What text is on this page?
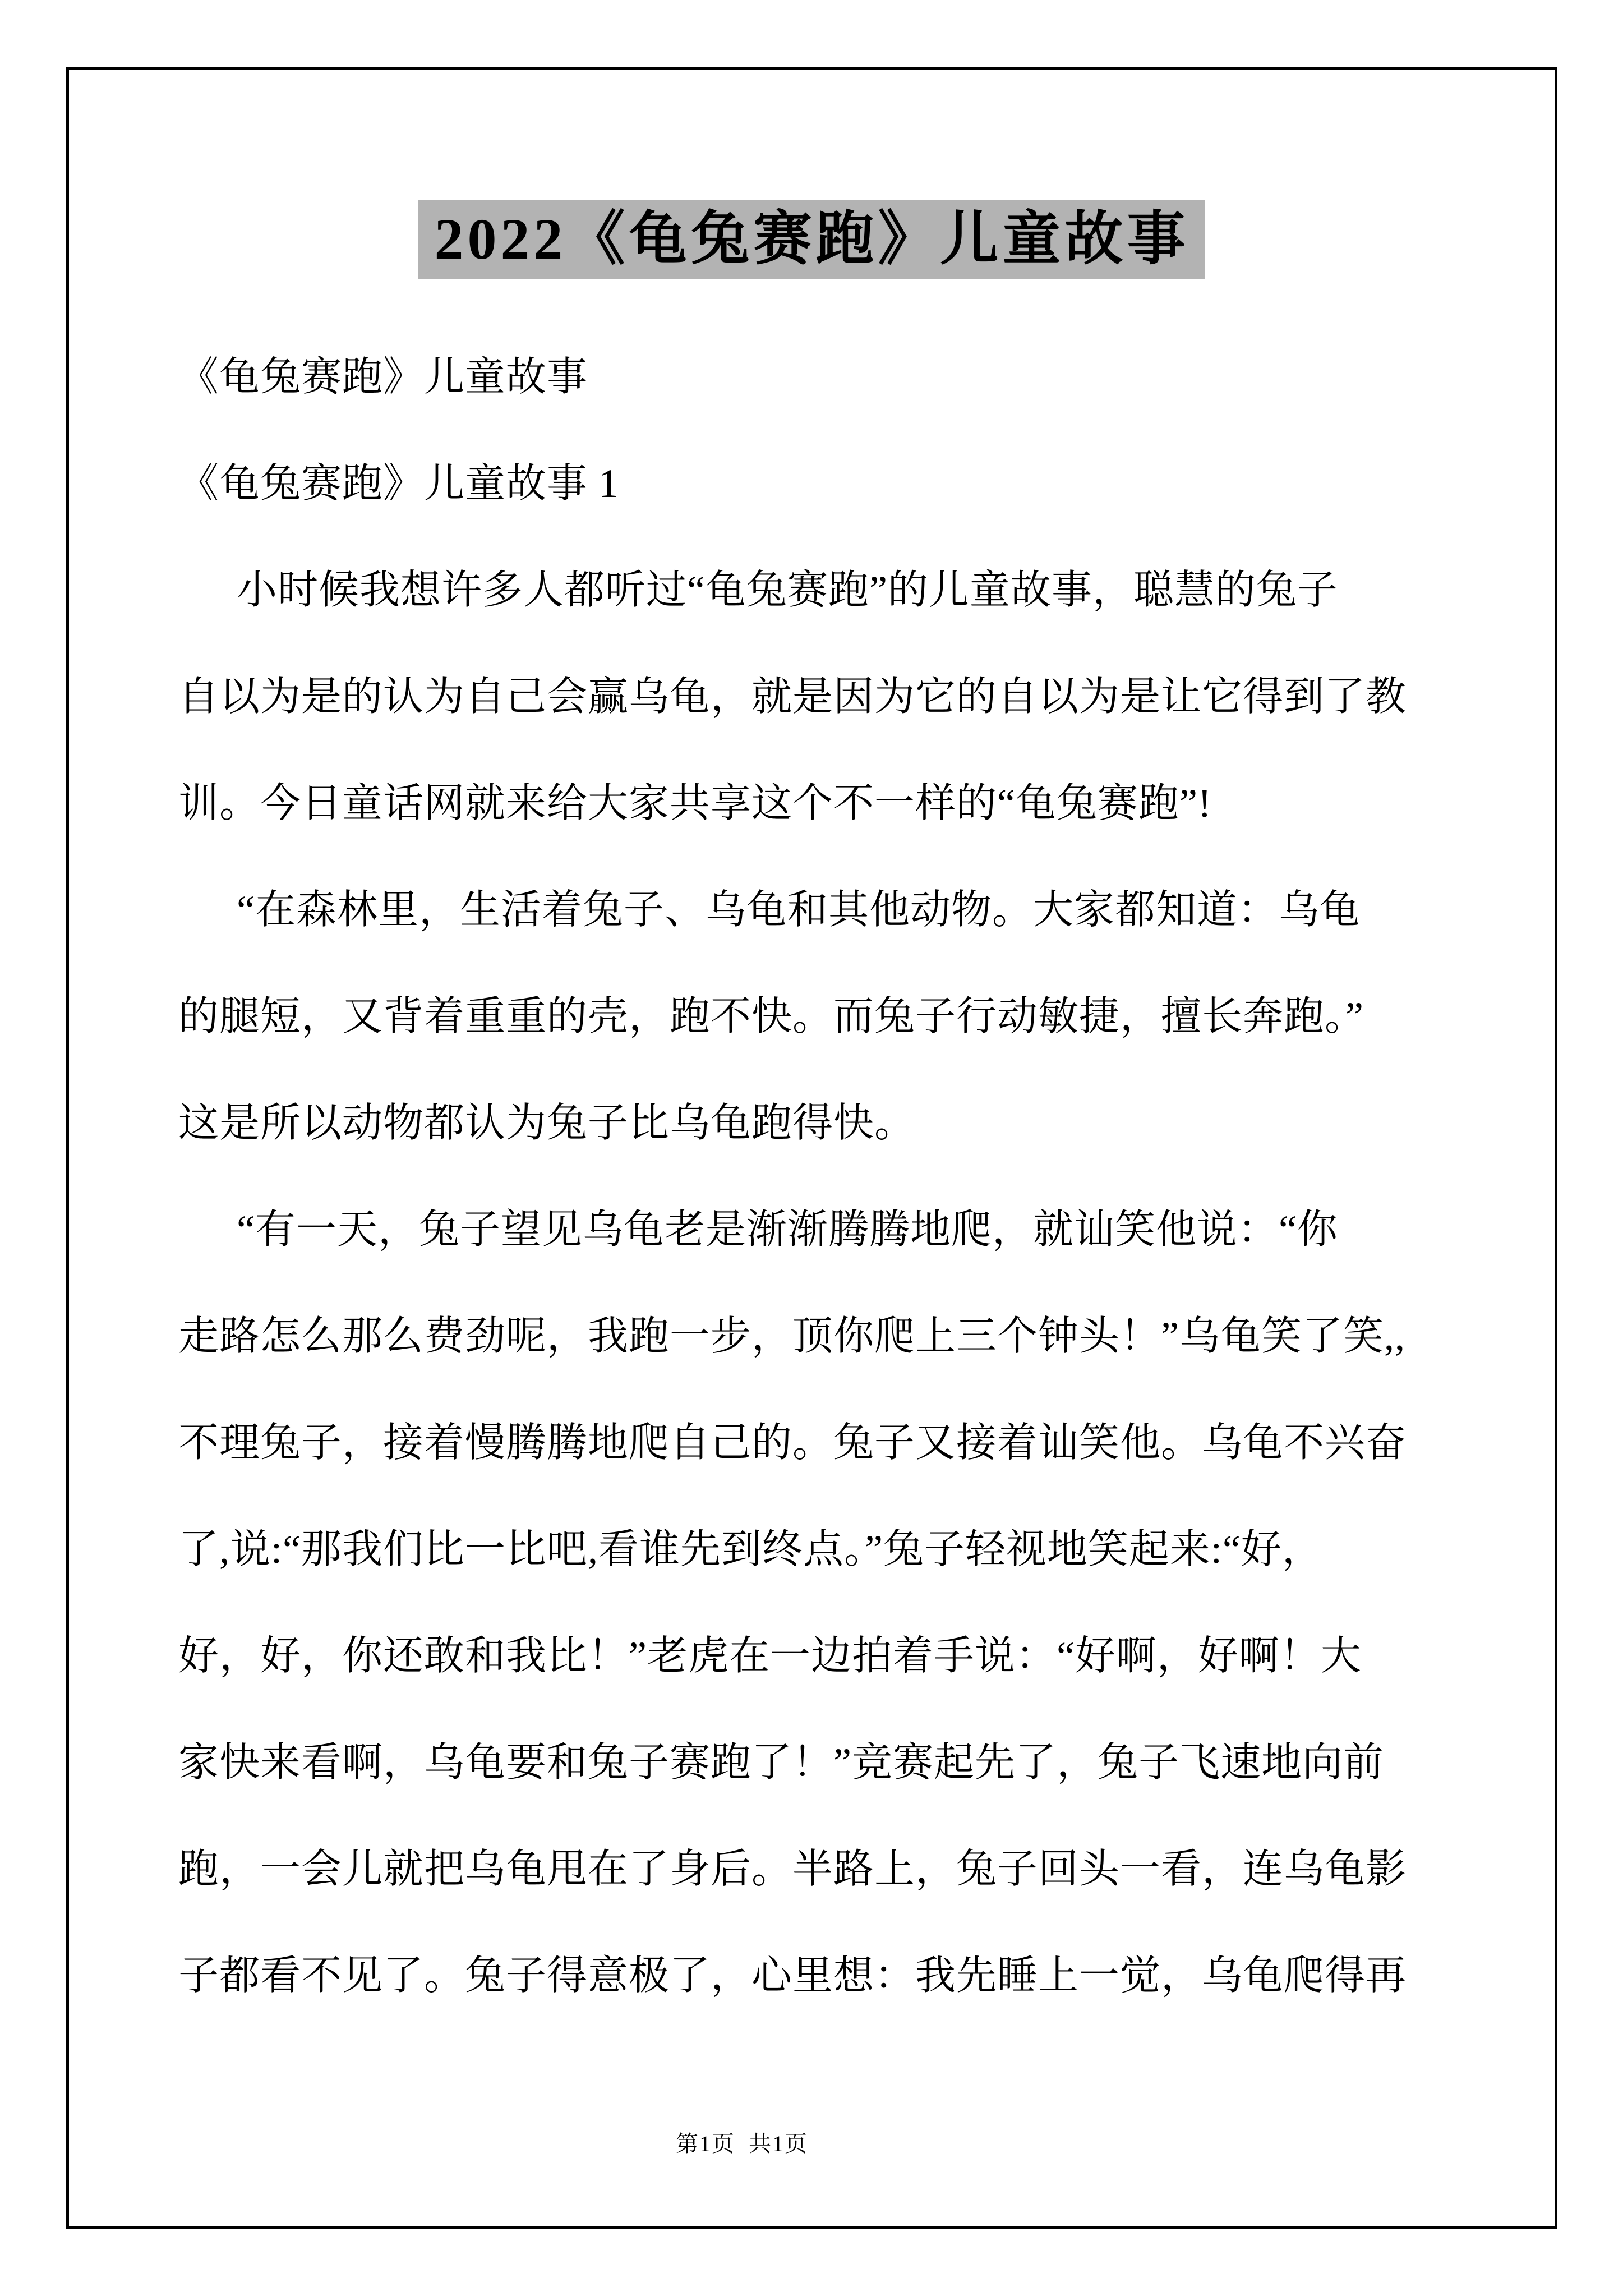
2022《龟兔赛跑》儿童故事
《龟兔赛跑》儿童故事
《龟兔赛跑》儿童故事 1
小时候我想许多人都听过“龟兔赛跑”的儿童故事，聪慧的兔子
自以为是的认为自己会赢乌龟，就是因为它的自以为是让它得到了教
训。今日童话网就来给大家共享这个不一样的“龟兔赛跑”!
“在森林里，生活着兔子、乌龟和其他动物。大家都知道：乌龟
的腿短，又背着重重的壳，跑不快。而兔子行动敏捷，擅长奔跑。”
这是所以动物都认为兔子比乌龟跑得快。
“有一天，兔子望见乌龟老是渐渐腾腾地爬，就讪笑他说：“你
走路怎么那么费劲呢，我跑一步，顶你爬上三个钟头！”乌龟笑了笑,,
不理兔子，接着慢腾腾地爬自己的。兔子又接着讪笑他。乌龟不兴奋
了,说:“那我们比一比吧,看谁先到终点。”兔子轻视地笑起来:“好，
好，好，你还敢和我比！”老虎在一边拍着手说：“好啊，好啊！大
家快来看啊，乌龟要和兔子赛跑了！”竞赛起先了，兔子飞速地向前
跑，一会儿就把乌龟甩在了身后。半路上，兔子回头一看，连乌龟影
子都看不见了。兔子得意极了，心里想：我先睡上一觉，乌龟爬得再
第1页  共1页
